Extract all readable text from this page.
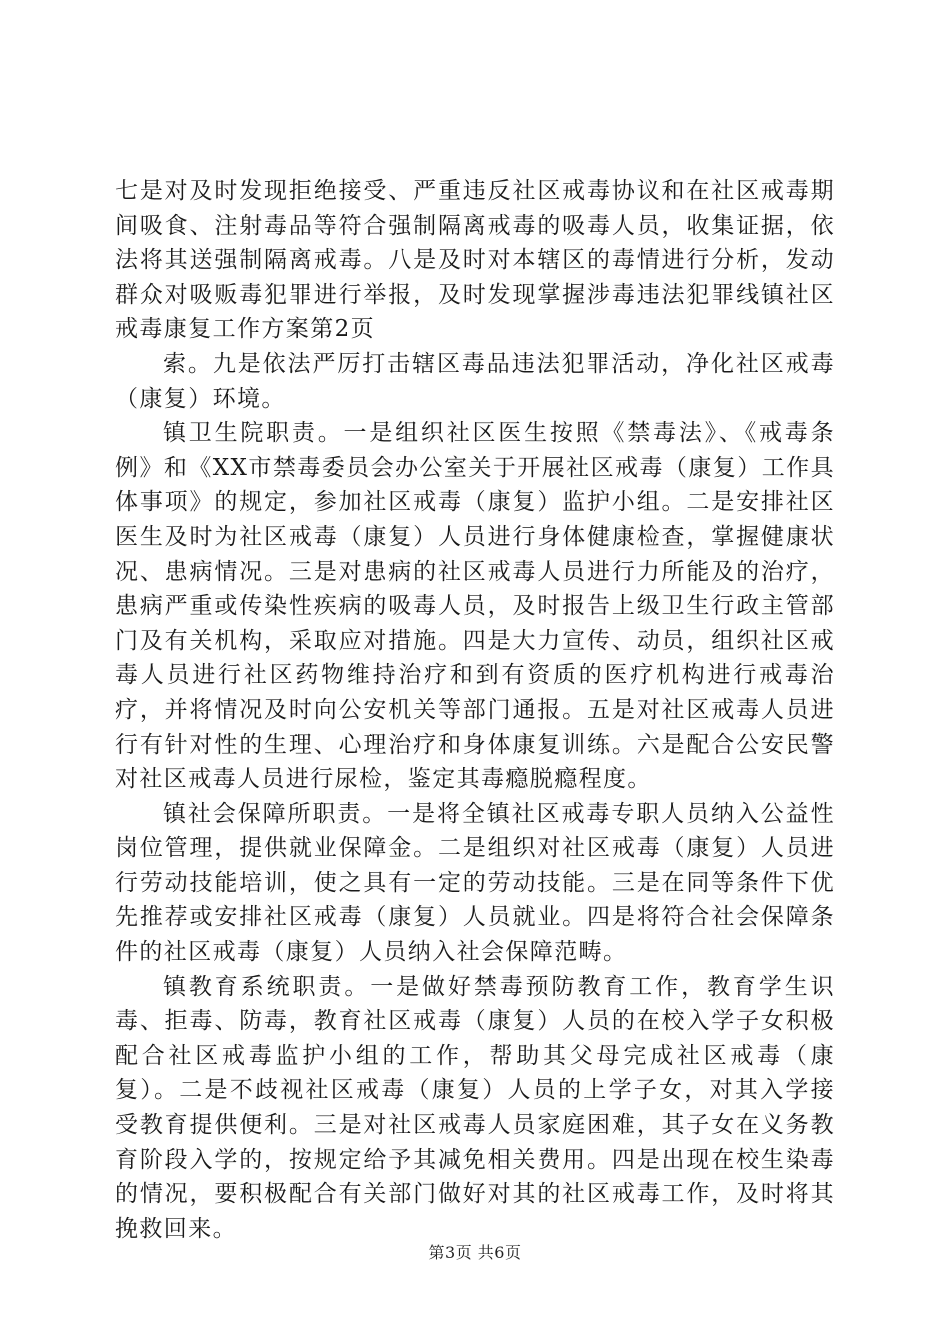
七是对及时发现拒绝接受、严重违反社区戒毒协议和在社区戒毒期间吸食、注射毒品等符合强制隔离戒毒的吸毒人员，收集证据，依法将其送强制隔离戒毒。八是及时对本辖区的毒情进行分析，发动群众对吸贩毒犯罪进行举报，及时发现掌握涉毒违法犯罪线镇社区戒毒康复工作方案第2页

索。九是依法严厉打击辖区毒品违法犯罪活动，净化社区戒毒（康复）环境。

镇卫生院职责。一是组织社区医生按照《禁毒法》、《戒毒条例》和《XX市禁毒委员会办公室关于开展社区戒毒（康复）工作具体事项》的规定，参加社区戒毒（康复）监护小组。二是安排社区医生及时为社区戒毒（康复）人员进行身体健康检查，掌握健康状况、患病情况。三是对患病的社区戒毒人员进行力所能及的治疗，患病严重或传染性疾病的吸毒人员，及时报告上级卫生行政主管部门及有关机构，采取应对措施。四是大力宣传、动员，组织社区戒毒人员进行社区药物维持治疗和到有资质的医疗机构进行戒毒治疗，并将情况及时向公安机关等部门通报。五是对社区戒毒人员进行有针对性的生理、心理治疗和身体康复训练。六是配合公安民警对社区戒毒人员进行尿检，鉴定其毒瘾脱瘾程度。

镇社会保障所职责。一是将全镇社区戒毒专职人员纳入公益性岗位管理，提供就业保障金。二是组织对社区戒毒（康复）人员进行劳动技能培训，使之具有一定的劳动技能。三是在同等条件下优先推荐或安排社区戒毒（康复）人员就业。四是将符合社会保障条件的社区戒毒（康复）人员纳入社会保障范畴。

镇教育系统职责。一是做好禁毒预防教育工作，教育学生识毒、拒毒、防毒，教育社区戒毒（康复）人员的在校入学子女积极配合社区戒毒监护小组的工作，帮助其父母完成社区戒毒（康复）。二是不歧视社区戒毒（康复）人员的上学子女，对其入学接受教育提供便利。三是对社区戒毒人员家庭困难，其子女在义务教育阶段入学的，按规定给予其减免相关费用。四是出现在校生染毒的情况，要积极配合有关部门做好对其的社区戒毒工作，及时将其挽救回来。

第3页 共6页
